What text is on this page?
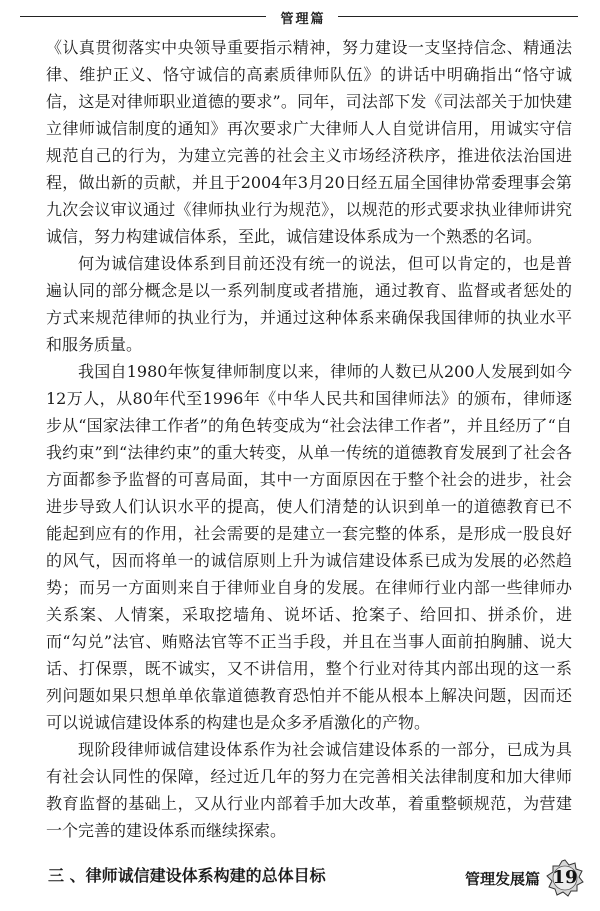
管理篇

《认真贯彻落实中央领导重要指示精神，努力建设一支坚持信念、精通法律、维护正义、恪守诚信的高素质律师队伍》的讲话中明确指出“恪守诚信，这是对律师职业道德的要求”。同年，司法部下发《司法部关于加快建立律师诚信制度的通知》再次要求广大律师人人自觉讲信用，用诚实守信规范自己的行为，为建立完善的社会主义市场经济秩序，推进依法治国进程，做出新的贡献，并且于2004年3月20日经五届全国律协常委理事会第九次会议审议通过《律师执业行为规范》，以规范的形式要求执业律师讲究诚信，努力构建诚信体系，至此，诚信建设体系成为一个熟悉的名词。

何为诚信建设体系到目前还没有统一的说法，但可以肯定的，也是普遍认同的部分概念是以一系列制度或者措施，通过教育、监督或者惩处的方式来规范律师的执业行为，并通过这种体系来确保我国律师的执业水平和服务质量。

我国自1980年恢复律师制度以来，律师的人数已从200人发展到如今12万人，从80年代至1996年《中华人民共和国律师法》的颁布，律师逐步从“国家法律工作者”的角色转变成为“社会法律工作者”，并且经历了“自我约束”到“法律约束”的重大转变，从单一传统的道德教育发展到了社会各方面都参予监督的可喜局面，其中一方面原因在于整个社会的进步，社会进步导致人们认识水平的提高，使人们清楚的认识到单一的道德教育已不能起到应有的作用，社会需要的是建立一套完整的体系，是形成一股良好的风气，因而将单一的诚信原则上升为诚信建设体系已成为发展的必然趋势；而另一方面则来自于律师业自身的发展。在律师行业内部一些律师办关系案、人情案，采取挖墙角、说坏话、抢案子、给回扣、拼杀价，进而“勾兑”法官、贿赂法官等不正当手段，并且在当事人面前拍胸脯、说大话、打保票，既不诚实，又不讲信用，整个行业对待其内部出现的这一系列问题如果只想单单依靠道德教育恐怕并不能从根本上解决问题，因而还可以说诚信建设体系的构建也是众多矛盾激化的产物。

现阶段律师诚信建设体系作为社会诚信建设体系的一部分，已成为具有社会认同性的保障，经过近几年的努力在完善相关法律制度和加大律师教育监督的基础上，又从行业内部着手加大改革，着重整顿规范，为营建一个完善的建设体系而继续探索。

三 、律师诚信建设体系构建的总体目标	管理发展篇 19
